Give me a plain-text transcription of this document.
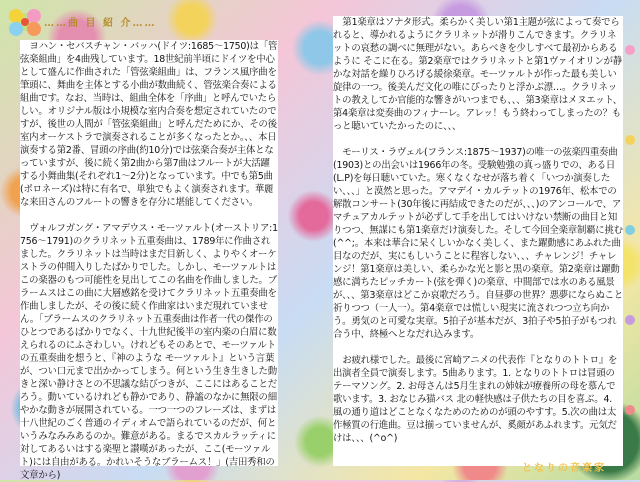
……曲 目 紹 介……

ヨハン・セバスチャン・バッハ(ドイツ:1685～1750)は「管弦楽組曲」を4曲残しています。18世紀前半頃にドイツを中心として盛んに作曲された「管弦楽組曲」は、フランス風序曲を筆頭に、舞曲を主体とする小曲が数曲続く、管弦楽合奏による組曲です。なお、当時は、組曲全体を「序曲」と呼んでいたらしい。オリジナル版は小規模な室内合奏を想定されていたのですが、後世の人間が「管弦楽組曲」と呼んだためにか、その後室内オーケストラで演奏されることが多くなったとか。、、本日演奏する第2番、冒頭の序曲(約10分)では弦楽合奏が主体となっていますが、後に続く第2曲から第7曲はフルートが大活躍する小舞曲集(それぞれ1～2分)となっています。中でも第5曲(ポロネーズ)は特に有名で、単独でもよく演奏されます。華麗な来田さんのフルートの響きを存分に堪能してください。

ヴォルフガング・アマデウス・モーツァルト(オーストリア:1756～1791)のクラリネット五重奏曲は、1789年に作曲されました。クラリネットは当時はまだ目新しく、よりやくオーケストラの仲間入りしたばかりでした。しかし、モーツァルトはこの楽器のもつ可能性を見出してこの名曲を作曲しました。ブラームスはこの曲に大層感銘を受けてクラリネット五重奏曲を作曲しましたが、その後に続く作曲家はいまだ現れていません。「ブラームスのクラリネット五重奏曲は作者一代の傑作のひとつであるばかりでなく、十九世紀後半の室内楽の白眉に数えられるのにふさわしい。けれどもそのあとで、モーツァルトの五重奏曲を想うと、『神のような モーツァルト』という言葉が、つい口元まで出かかってしまう。何という生き生きした動きと深い静けさとの不思議な結びつきが、ここにはあることだろう。動いているけれども静かであり、静謐のなかに無限の細やかな動きが展開されている。一つ一つのフレーズは、まずは十八世紀のごく普通のイディオムで語られているのだが、何というみなみみあるのか。難意がある。まるでスカルラッティに対してあるいはする楽聖と讃嘆があったが、ここ(モーツァルト)には自由がある。かれいそうなブラームス！」(吉田秀和の文章から)

第1楽章はソナタ形式。柔らかく美しい第1主題が弦によって奏でられると、導かれるようにクラリネットが滑りこんできます。クラリネットの哀愁の調べに無理がない。あらべきを少しすべて最初からあるように そこに在る。第2楽章ではクラリネットと第1ヴァイオリンが静かな対話を繰りひろげる緩徐楽章。モーツァルトが作った最も美しい旋律の一つ。後美んだ文化の唯にぴったりと浮かぶ漂…。クラリネットの教えしてか官能的な響きがいつまでも、、、第3楽章はメヌエット、第4楽章は変奏曲のフィナーレ。アレッ！もう終わってしまったの？もっと聴いていたかったのに、、、

モーリス・ラヴェル(フランス:1875～1937)の唯一の弦楽四重奏曲(1903)との出会いは1966年の冬。受験勉強の真っ盛りでの、ある日(L.P)を毎日聴いていた。寒くなくなせが落ち着く「いつか演奏したい、、、」と漠然と思った。アマデイ・カルテットの1976年、松本での解散コンサート(30年後に再結成できたのだが、、、)のアンコールで、アマチュアカルテットが必ずして手を出してはいけない禁断の曲目と知りつつ、無謀にも第1楽章だけ演奏した。そして今回全楽章制覇に挑む(^^;。本来は華合に呆くしいかなく美しく、また躍動感にあふれた曲目なのだが、実にもしいうことに程容しない、、、チャレンジ！チャレンジ！第1楽章は美しい、柔らかな光と影と黒の楽章。第2楽章は躍動感に満ちたピッチカート(弦を弾く)の楽章、中間部では水のある風景が、、、第3楽章はどこか哀歌だろう。自昼夢の世界？悪夢にならぬこと祈りつつ（一人一）。第4楽章では慌しい現実に流されつつ立ち向かう。勇気のと可愛な実章。5拍子が基本だが、3拍子や5拍子がもつれ合う中、終極へとなだれ込みます。

お疲れ様でした。最後に宮崎アニメの代表作『となりのトトロ』を出演者全員で演奏します。5曲あります。1. となりのトトロは冒頭のテーマソング。2. お母さんは5月生まれの姉妹が療養所の母を慕んで歌います。3. おなじみ猫バス 北の軽快感は子供たちの目を喜ぶ。4. 風の通り道はどことなくなためのためのが頭のやすす。5.次の曲は太作極質の行進曲。豆は揃っていませんが、奚顔があふれます。元気だけは、、、(^o^)

となりの音楽家
